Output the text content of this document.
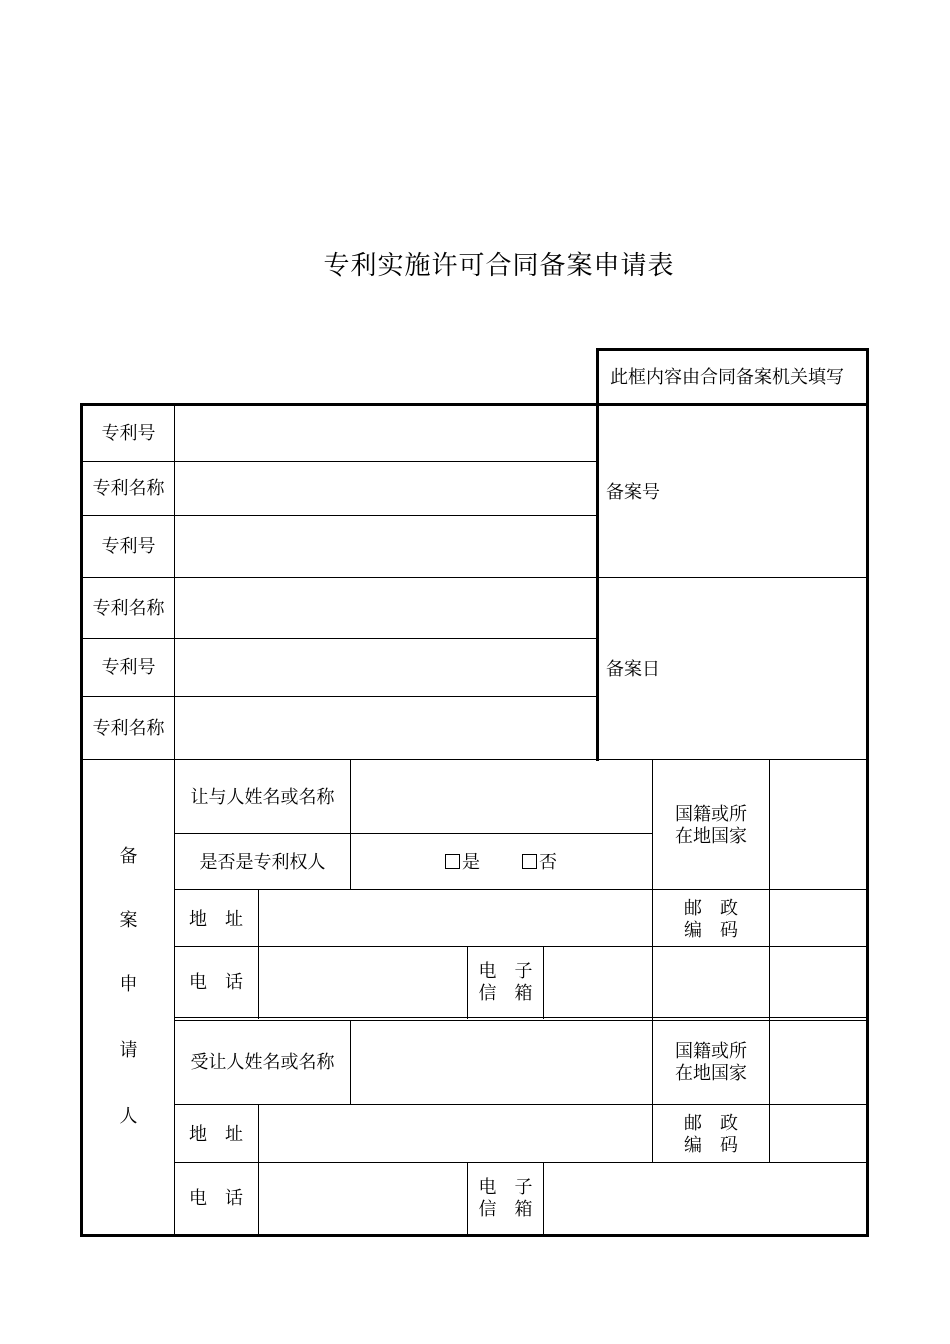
专利实施许可合同备案申请表
此框内容由合同备案机关填写
备案号
备案日
专利号
专利名称
专利号
专利名称
专利号
专利名称
备
案
申
请
人
让与人姓名或名称
是否是专利权人	是	否
国籍或所
在地国家
地　址
邮　政
编　码
电　话
电　子
信　箱
受让人姓名或名称
国籍或所
在地国家
地　址
邮　政
编　码
电　话
电　子
信　箱
